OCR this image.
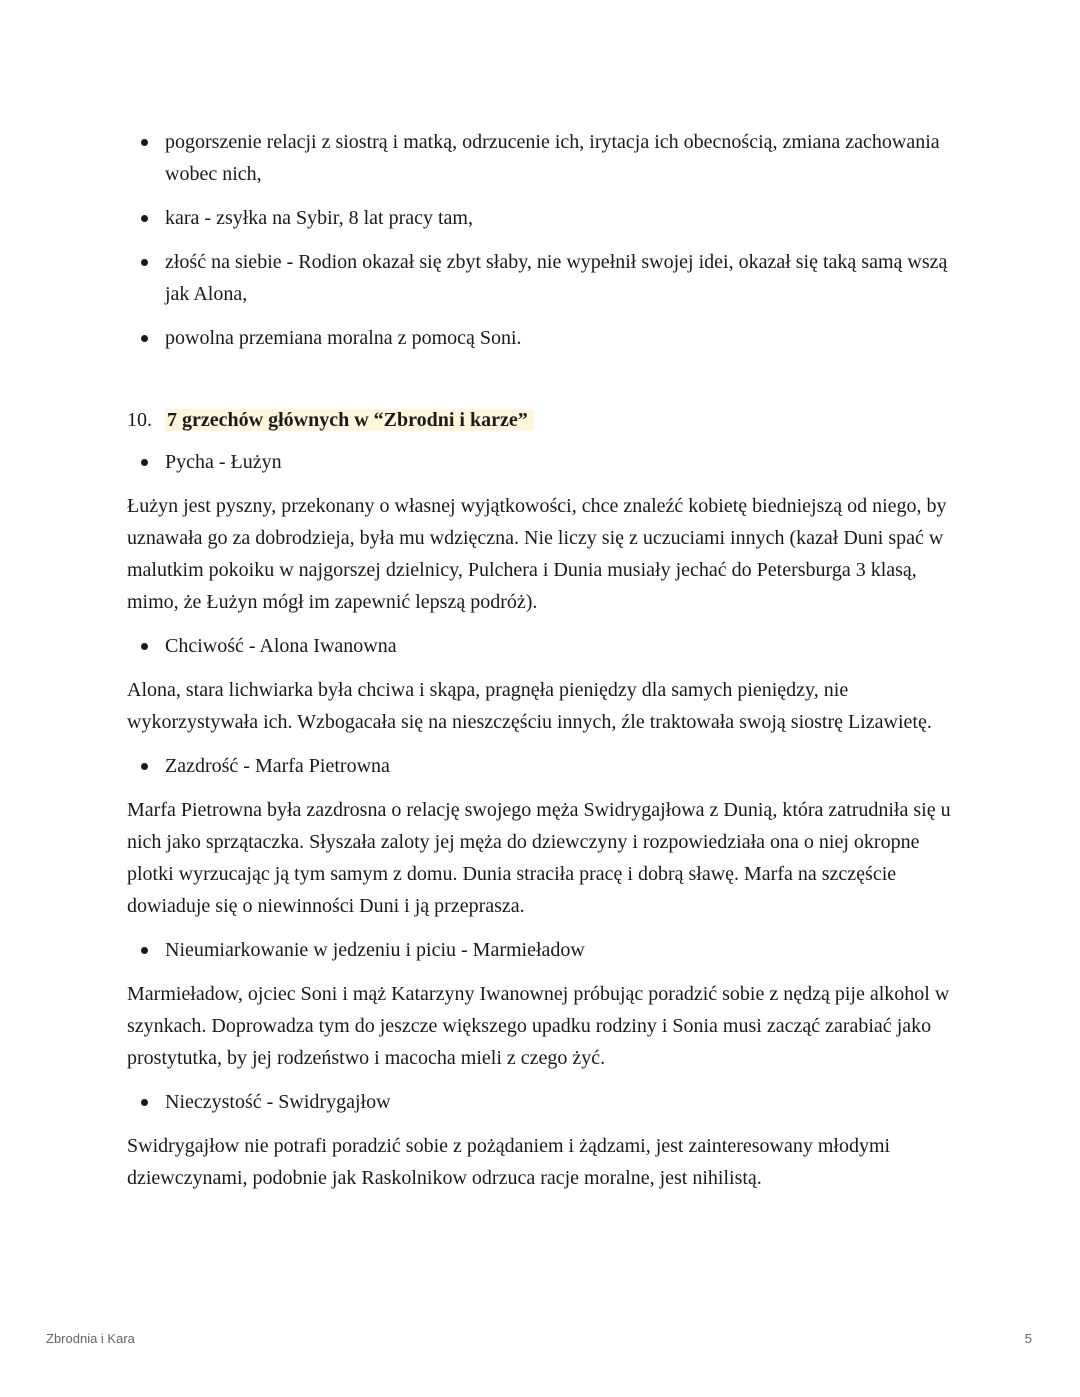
pogorszenie relacji z siostrą i matką, odrzucenie ich, irytacja ich obecnością, zmiana zachowania wobec nich,
kara - zsyłka na Sybir, 8 lat pracy tam,
złość na siebie - Rodion okazał się zbyt słaby, nie wypełnił swojej idei, okazał się taką samą wszą jak Alona,
powolna przemiana moralna z pomocą Soni.
10. 7 grzechów głównych w “Zbrodni i karze”
Pycha - Łużyn

Łużyn jest pyszny, przekonany o własnej wyjątkowości, chce znaleźć kobietę biedniejszą od niego, by uznawała go za dobrodzieja, była mu wdzięczna. Nie liczy się z uczuciami innych (kazał Duni spać w malutkim pokoiku w najgorszej dzielnicy, Pulchera i Dunia musiały jechać do Petersburga 3 klasą, mimo, że Łużyn mógł im zapewnić lepszą podróż).

Chciwość - Alona Iwanowna

Alona, stara lichwiarka była chciwa i skąpa, pragnęła pieniędzy dla samych pieniędzy, nie wykorzystywała ich. Wzbogacała się na nieszczęściu innych, źle traktowała swoją siostrę Lizawietę.

Zazdrość - Marfa Pietrowna

Marfa Pietrowna była zazdrosna o relację swojego męża Swidrygajłowa z Dunią, która zatrudniła się u nich jako sprzątaczka. Słyszała zaloty jej męża do dziewczyny i rozpowiedziała ona o niej okropne plotki wyrzucając ją tym samym z domu. Dunia straciła pracę i dobrą sławę. Marfa na szczęście dowiaduje się o niewinności Duni i ją przeprasza.

Nieumiarkowanie w jedzeniu i piciu - Marmieładow

Marmieładow, ojciec Soni i mąż Katarzyny Iwanownej próbując poradzić sobie z nędzą pije alkohol w szynkach. Doprowadza tym do jeszcze większego upadku rodziny i Sonia musi zacząć zarabiać jako prostytutka, by jej rodzeństwo i macocha mieli z czego żyć.

Nieczystość - Swidrygajłow

Swidrygajłow nie potrafi poradzić sobie z pożądaniem i żądzami, jest zainteresowany młodymi dziewczynami, podobnie jak Raskolnikow odrzuca racje moralne, jest nihilistą.

Zbrodnia i Kara	5
